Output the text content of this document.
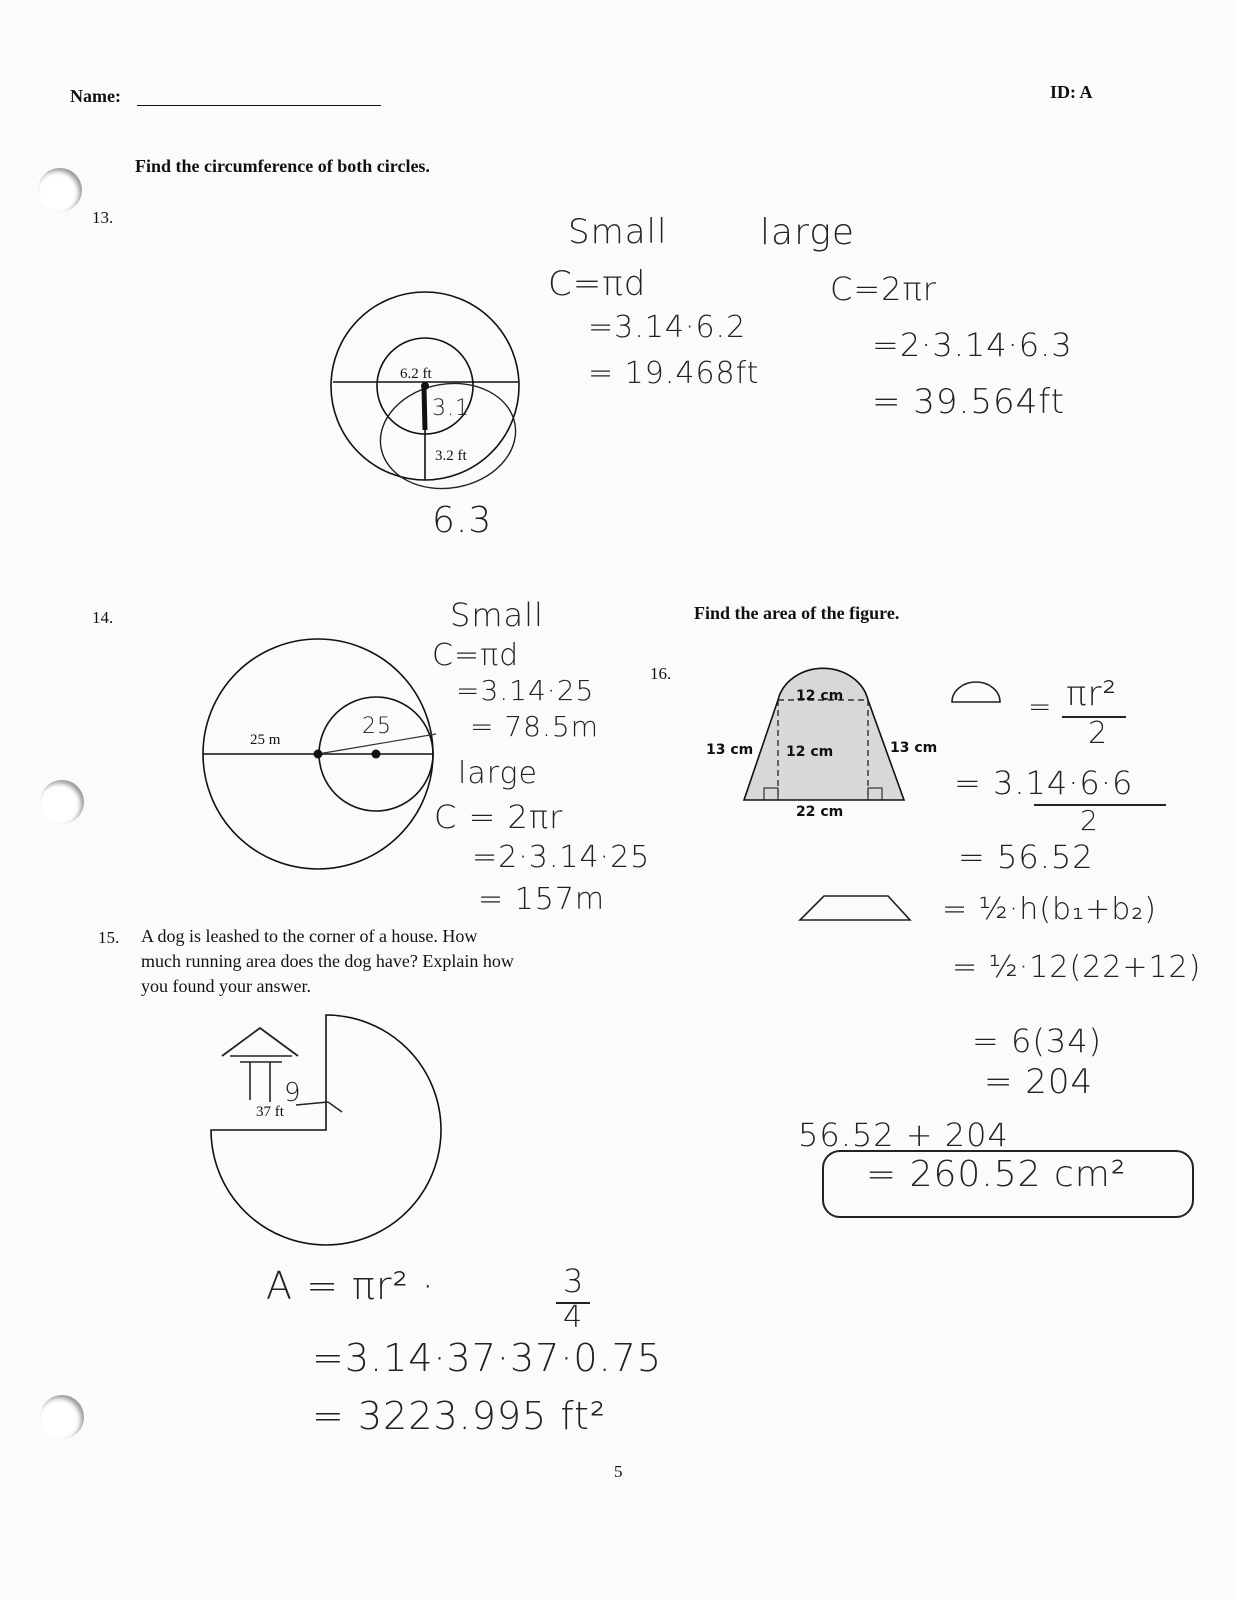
Name:	ID: A
Find the circumference of both circles.
13.
6.2 ft
3.2 ft
3.1
6.3
Small	large
C=πd
=3.14·6.2
= 19.468ft
C=2πr
=2·3.14·6.3
= 39.564ft
14.
25 m
25
Small
C=πd
=3.14·25
= 78.5m
large
C = 2πr
=2·3.14·25
= 157m
15. A dog is leashed to the corner of a house. How
much running area does the dog have? Explain how
you found your answer.
37 ft
9
A = πr² ·	3
4
=3.14·37·37·0.75
= 3223.995 ft²
Find the area of the figure.
16.
12 cm
12 cm
13 cm	13 cm
22 cm
= πr²
2
= 3.14·6·6
2
= 56.52
= ½·h(b₁+b₂)
= ½·12(22+12)
= 6(34)
= 204
56.52 + 204
= 260.52 cm²
5
